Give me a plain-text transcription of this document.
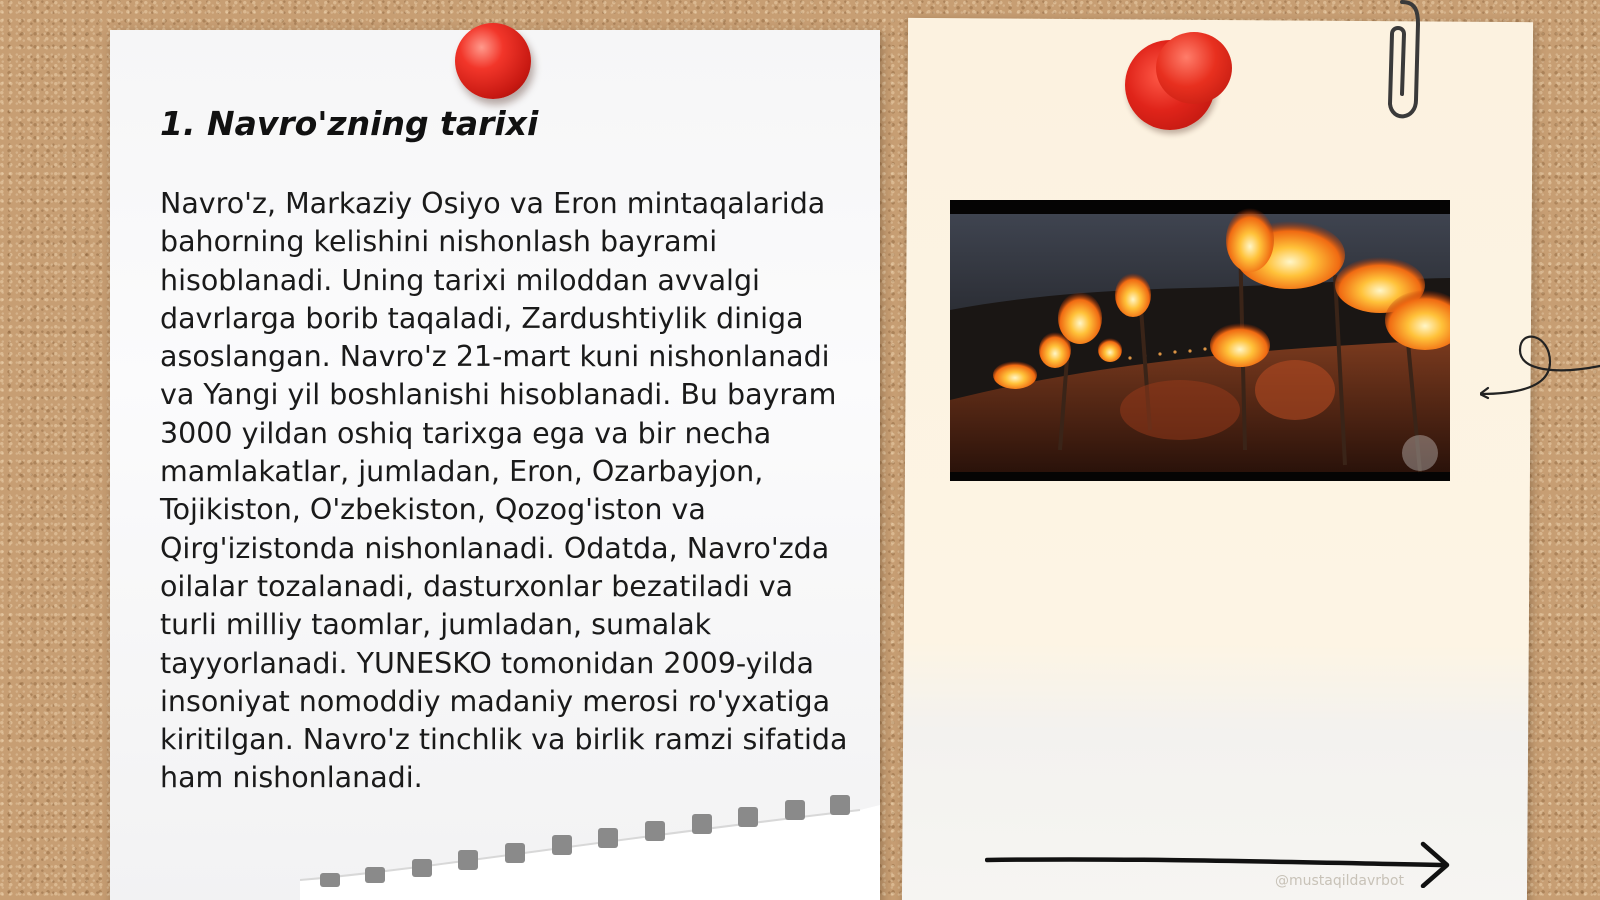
1. Navro'zning tarixi

Navro'z, Markaziy Osiyo va Eron mintaqalarida bahorning kelishini nishonlash bayrami hisoblanadi. Uning tarixi miloddan avvalgi davrlarga borib taqaladi, Zardushtiylik diniga asoslangan. Navro'z 21-mart kuni nishonlanadi va Yangi yil boshlanishi hisoblanadi. Bu bayram 3000 yildan oshiq tarixga ega va bir necha mamlakatlar, jumladan, Eron, Ozarbayjon, Tojikiston, O'zbekiston, Qozog'iston va Qirg'izistonda nishonlanadi. Odatda, Navro'zda oilalar tozalanadi, dasturxonlar bezatiladi va turli milliy taomlar, jumladan, sumalak tayyorlanadi. YUNESKO tomonidan 2009-yilda insoniyat nomoddiy madaniy merosi ro'yxatiga kiritilgan. Navro'z tinchlik va birlik ramzi sifatida ham nishonlanadi.

@mustaqildavrbot
